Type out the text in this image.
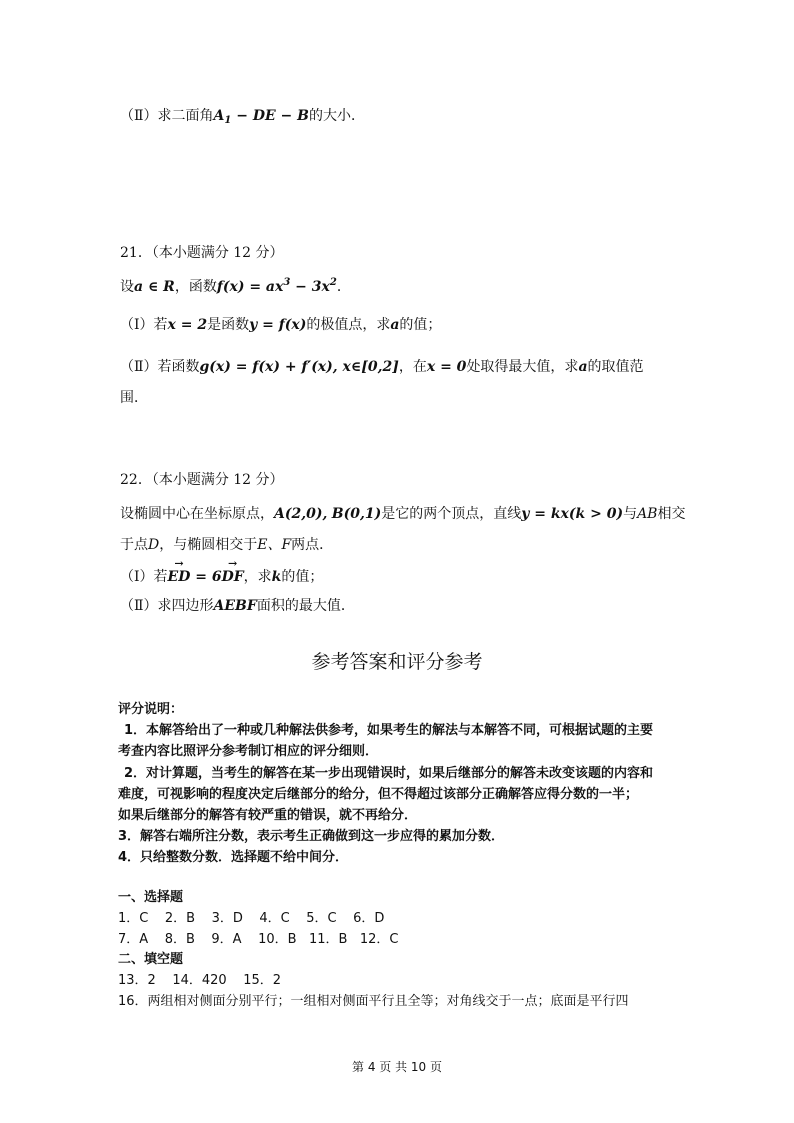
（Ⅱ）求二面角$A_1$ − DE − B的大小．
21．（本小题满分 12 分）
设a ∈ R，函数$f(x) = ax^3 - 3x^2$．
（Ⅰ）若x = 2是函数y = f(x)的极值点，求a的值；
（Ⅱ）若函数g(x) = f(x) + f′(x), x∈[0,2]，在x = 0处取得最大值，求a的取值范
围．
22．（本小题满分 12 分）
设椭圆中心在坐标原点，A(2,0), B(0,1)是它的两个顶点，直线y = kx(k > 0)与AB相交
于点D，与椭圆相交于E、F两点．
（Ⅰ）若→ ED = 6→ DF，求k的值；
（Ⅱ）求四边形AEBF面积的最大值．
参考答案和评分参考
评分说明：
1．本解答给出了一种或几种解法供参考，如果考生的解法与本解答不同，可根据试题的主要
考查内容比照评分参考制订相应的评分细则．
2．对计算题，当考生的解答在某一步出现错误时，如果后继部分的解答未改变该题的内容和
难度，可视影响的程度决定后继部分的给分，但不得超过该部分正确解答应得分数的一半；
如果后继部分的解答有较严重的错误，就不再给分．
3．解答右端所注分数，表示考生正确做到这一步应得的累加分数．
4．只给整数分数．选择题不给中间分．
一、选择题
1．C    2．B    3．D    4．C    5．C    6．D
7．A    8．B    9．A    10．B   11．B   12．C
二、填空题
13．2    14．420    15．2
16．两组相对侧面分别平行；一组相对侧面平行且全等；对角线交于一点；底面是平行四
第 4 页 共 10 页
